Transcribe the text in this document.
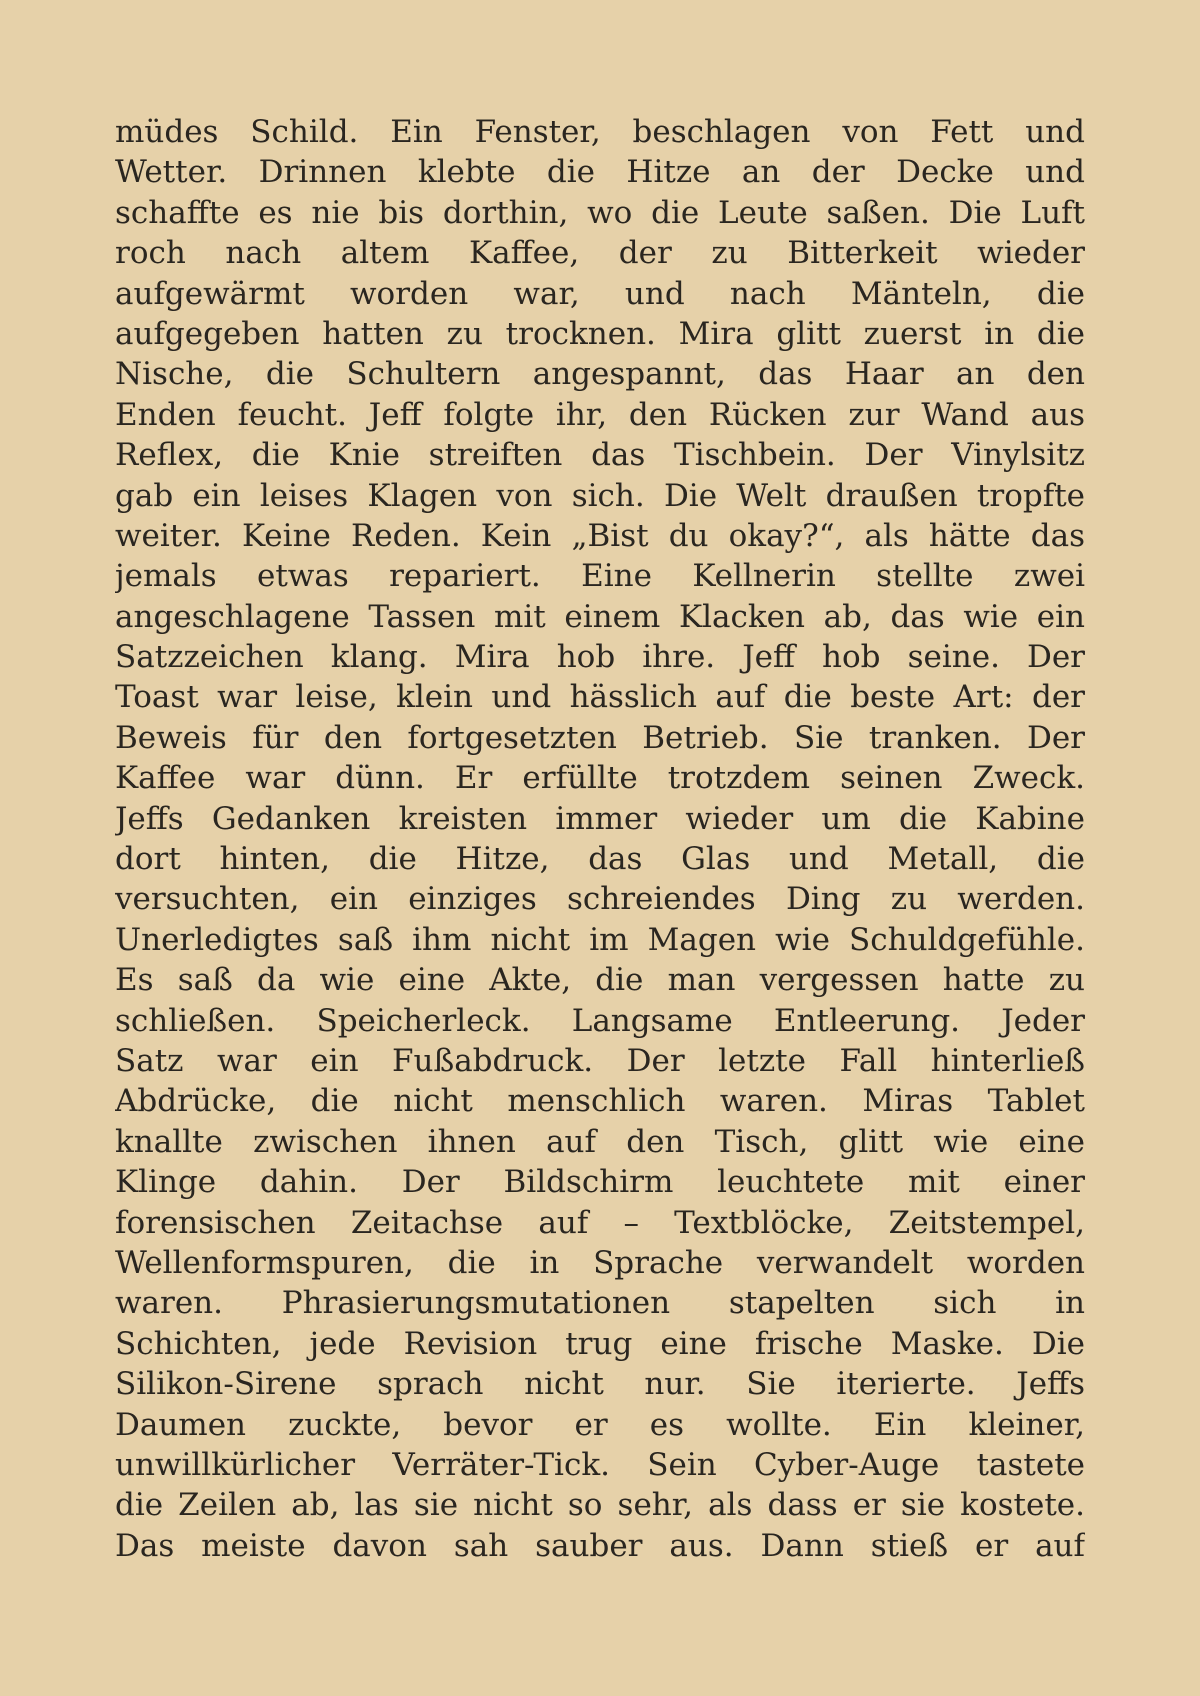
müdes Schild. Ein Fenster, beschlagen von Fett und
Wetter. Drinnen klebte die Hitze an der Decke und
schaffte es nie bis dorthin, wo die Leute saßen. Die Luft
roch nach altem Kaffee, der zu Bitterkeit wieder
aufgewärmt worden war, und nach Mänteln, die
aufgegeben hatten zu trocknen. Mira glitt zuerst in die
Nische, die Schultern angespannt, das Haar an den
Enden feucht. Jeff folgte ihr, den Rücken zur Wand aus
Reflex, die Knie streiften das Tischbein. Der Vinylsitz
gab ein leises Klagen von sich. Die Welt draußen tropfte
weiter. Keine Reden. Kein „Bist du okay?“, als hätte das
jemals etwas repariert. Eine Kellnerin stellte zwei
angeschlagene Tassen mit einem Klacken ab, das wie ein
Satzzeichen klang. Mira hob ihre. Jeff hob seine. Der
Toast war leise, klein und hässlich auf die beste Art: der
Beweis für den fortgesetzten Betrieb. Sie tranken. Der
Kaffee war dünn. Er erfüllte trotzdem seinen Zweck.
Jeffs Gedanken kreisten immer wieder um die Kabine
dort hinten, die Hitze, das Glas und Metall, die
versuchten, ein einziges schreiendes Ding zu werden.
Unerledigtes saß ihm nicht im Magen wie Schuldgefühle.
Es saß da wie eine Akte, die man vergessen hatte zu
schließen. Speicherleck. Langsame Entleerung. Jeder
Satz war ein Fußabdruck. Der letzte Fall hinterließ
Abdrücke, die nicht menschlich waren. Miras Tablet
knallte zwischen ihnen auf den Tisch, glitt wie eine
Klinge dahin. Der Bildschirm leuchtete mit einer
forensischen Zeitachse auf – Textblöcke, Zeitstempel,
Wellenformspuren, die in Sprache verwandelt worden
waren. Phrasierungsmutationen stapelten sich in
Schichten, jede Revision trug eine frische Maske. Die
Silikon-Sirene sprach nicht nur. Sie iterierte. Jeffs
Daumen zuckte, bevor er es wollte. Ein kleiner,
unwillkürlicher Verräter-Tick. Sein Cyber-Auge tastete
die Zeilen ab, las sie nicht so sehr, als dass er sie kostete.
Das meiste davon sah sauber aus. Dann stieß er auf
